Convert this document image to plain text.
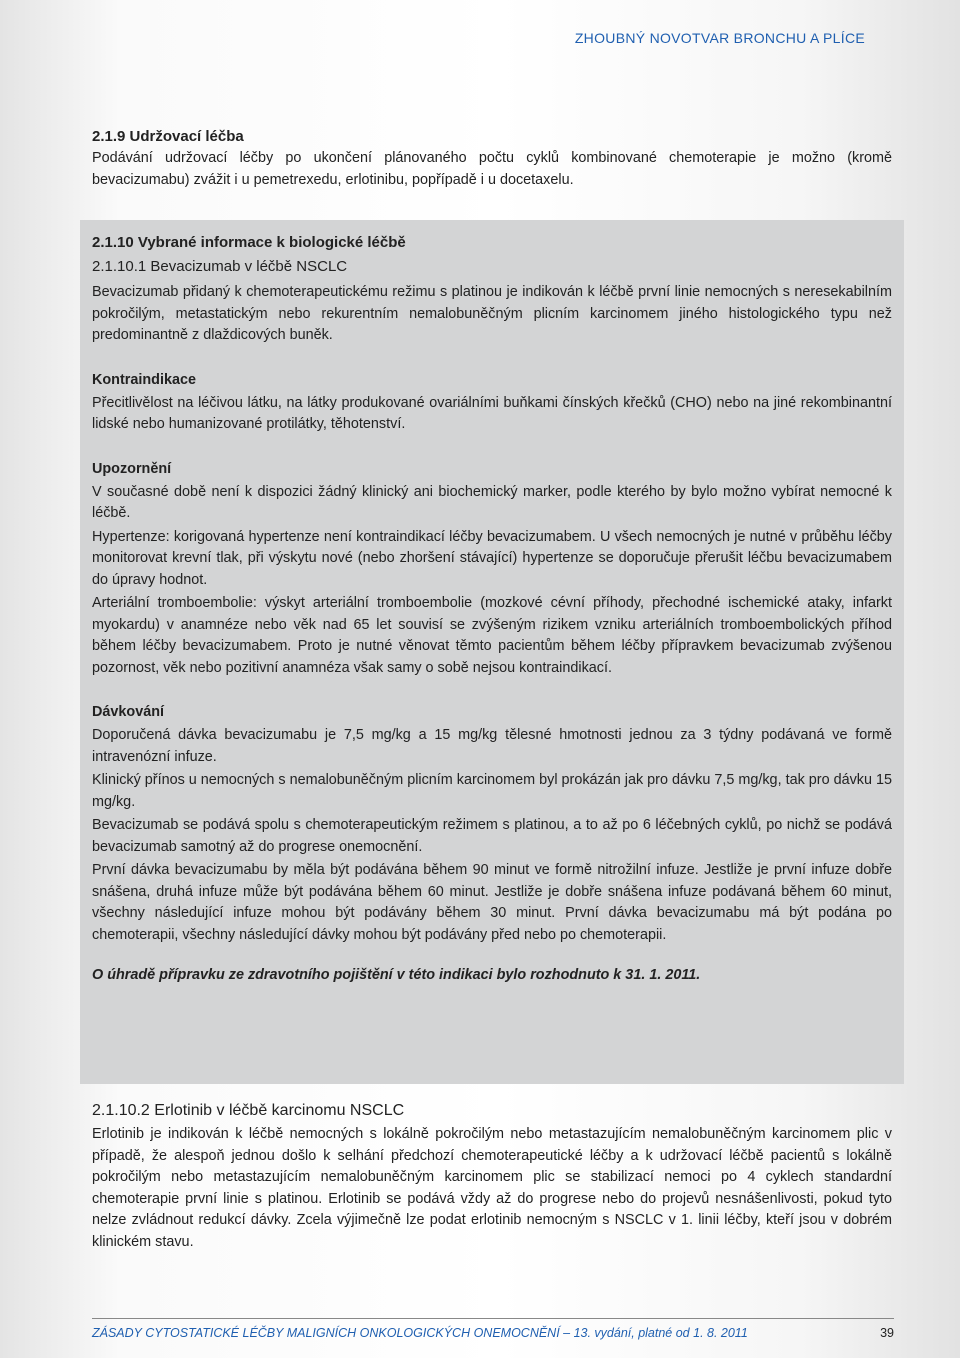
ZHOUBNÝ NOVOTVAR BRONCHU A PLÍCE

2.1.9 Udržovací léčba

Podávání udržovací léčby po ukončení plánovaného počtu cyklů kombinované chemoterapie je možno (kromě bevacizumabu) zvážit i u pemetrexedu, erlotinibu, popřípadě i u docetaxelu.

2.1.10 Vybrané informace k biologické léčbě

2.1.10.1 Bevacizumab v léčbě NSCLC

Bevacizumab přidaný k chemoterapeutickému režimu s platinou je indikován k léčbě první linie nemocných s neresekabilním pokročilým, metastatickým nebo rekurentním nemalobuněčným plicním karcinomem jiného histologického typu než predominantně z dlaždicových buněk.

Kontraindikace

Přecitlivělost na léčivou látku, na látky produkované ovariálními buňkami čínských křečků (CHO) nebo na jiné rekombinantní lidské nebo humanizované protilátky, těhotenství.

Upozornění

V současné době není k dispozici žádný klinický ani biochemický marker, podle kterého by bylo možno vybírat nemocné k léčbě.

Hypertenze: korigovaná hypertenze není kontraindikací léčby bevacizumabem. U všech nemocných je nutné v průběhu léčby monitorovat krevní tlak, při výskytu nové (nebo zhoršení stávající) hypertenze se doporučuje přerušit léčbu bevacizumabem do úpravy hodnot.

Arteriální tromboembolie: výskyt arteriální tromboembolie (mozkové cévní příhody, přechodné ischemické ataky, infarkt myokardu) v anamnéze nebo věk nad 65 let souvisí se zvýšeným rizikem vzniku arteriálních tromboembolických příhod během léčby bevacizumabem. Proto je nutné věnovat těmto pacientům během léčby přípravkem bevacizumab zvýšenou pozornost, věk nebo pozitivní anamnéza však samy o sobě nejsou kontraindikací.

Dávkování

Doporučená dávka bevacizumabu je 7,5 mg/kg a 15 mg/kg tělesné hmotnosti jednou za 3 týdny podávaná ve formě intravenózní infuze.

Klinický přínos u nemocných s nemalobuněčným plicním karcinomem byl prokázán jak pro dávku 7,5 mg/kg, tak pro dávku 15 mg/kg.

Bevacizumab se podává spolu s chemoterapeutickým režimem s platinou, a to až po 6 léčebných cyklů, po nichž se podává bevacizumab samotný až do progrese onemocnění.

První dávka bevacizumabu by měla být podávána během 90 minut ve formě nitrožilní infuze. Jestliže je první infuze dobře snášena, druhá infuze může být podávána během 60 minut. Jestliže je dobře snášena infuze podávaná během 60 minut, všechny následující infuze mohou být podávány během 30 minut. První dávka bevacizumabu má být podána po chemoterapii, všechny následující dávky mohou být podávány před nebo po chemoterapii.

O úhradě přípravku ze zdravotního pojištění v této indikaci bylo rozhodnuto k 31. 1. 2011.

2.1.10.2 Erlotinib v léčbě karcinomu NSCLC

Erlotinib je indikován k léčbě nemocných s lokálně pokročilým nebo metastazujícím nemalobuněčným karcinomem plic v případě, že alespoň jednou došlo k selhání předchozí chemoterapeutické léčby a k udržovací léčbě pacientů s lokálně pokročilým nebo metastazujícím nemalobuněčným karcinomem plic se stabilizací nemoci po 4 cyklech standardní chemoterapie první linie s platinou. Erlotinib se podává vždy až do progrese nebo do projevů nesnášenlivosti, pokud tyto nelze zvládnout redukcí dávky. Zcela výjimečně lze podat erlotinib nemocným s NSCLC v 1. linii léčby, kteří jsou v dobrém klinickém stavu.

ZÁSADY CYTOSTATICKÉ LÉČBY MALIGNÍCH ONKOLOGICKÝCH ONEMOCNĚNÍ – 13. vydání, platné od 1. 8. 2011	39
